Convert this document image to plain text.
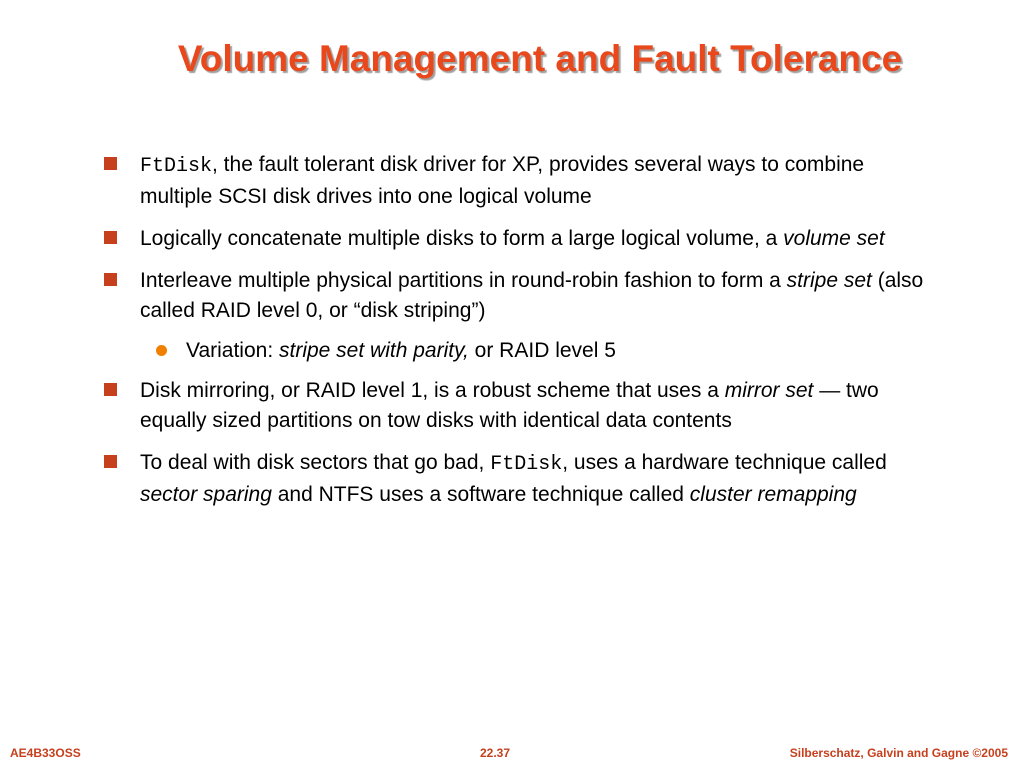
Volume Management and Fault Tolerance
FtDisk, the fault tolerant disk driver for XP, provides several ways to combine multiple SCSI disk drives into one logical volume
Logically concatenate multiple disks to form a large logical volume, a volume set
Interleave multiple physical partitions in round-robin fashion to form a stripe set (also called RAID level 0, or “disk striping”)
Variation: stripe set with parity, or RAID level 5
Disk mirroring, or RAID level 1, is a robust scheme that uses a mirror set — two equally sized partitions on tow disks with identical data contents
To deal with disk sectors that go bad, FtDisk, uses a hardware technique called sector sparing and NTFS uses a software technique called cluster remapping
AE4B33OSS	22.37	Silberschatz, Galvin and Gagne ©2005
